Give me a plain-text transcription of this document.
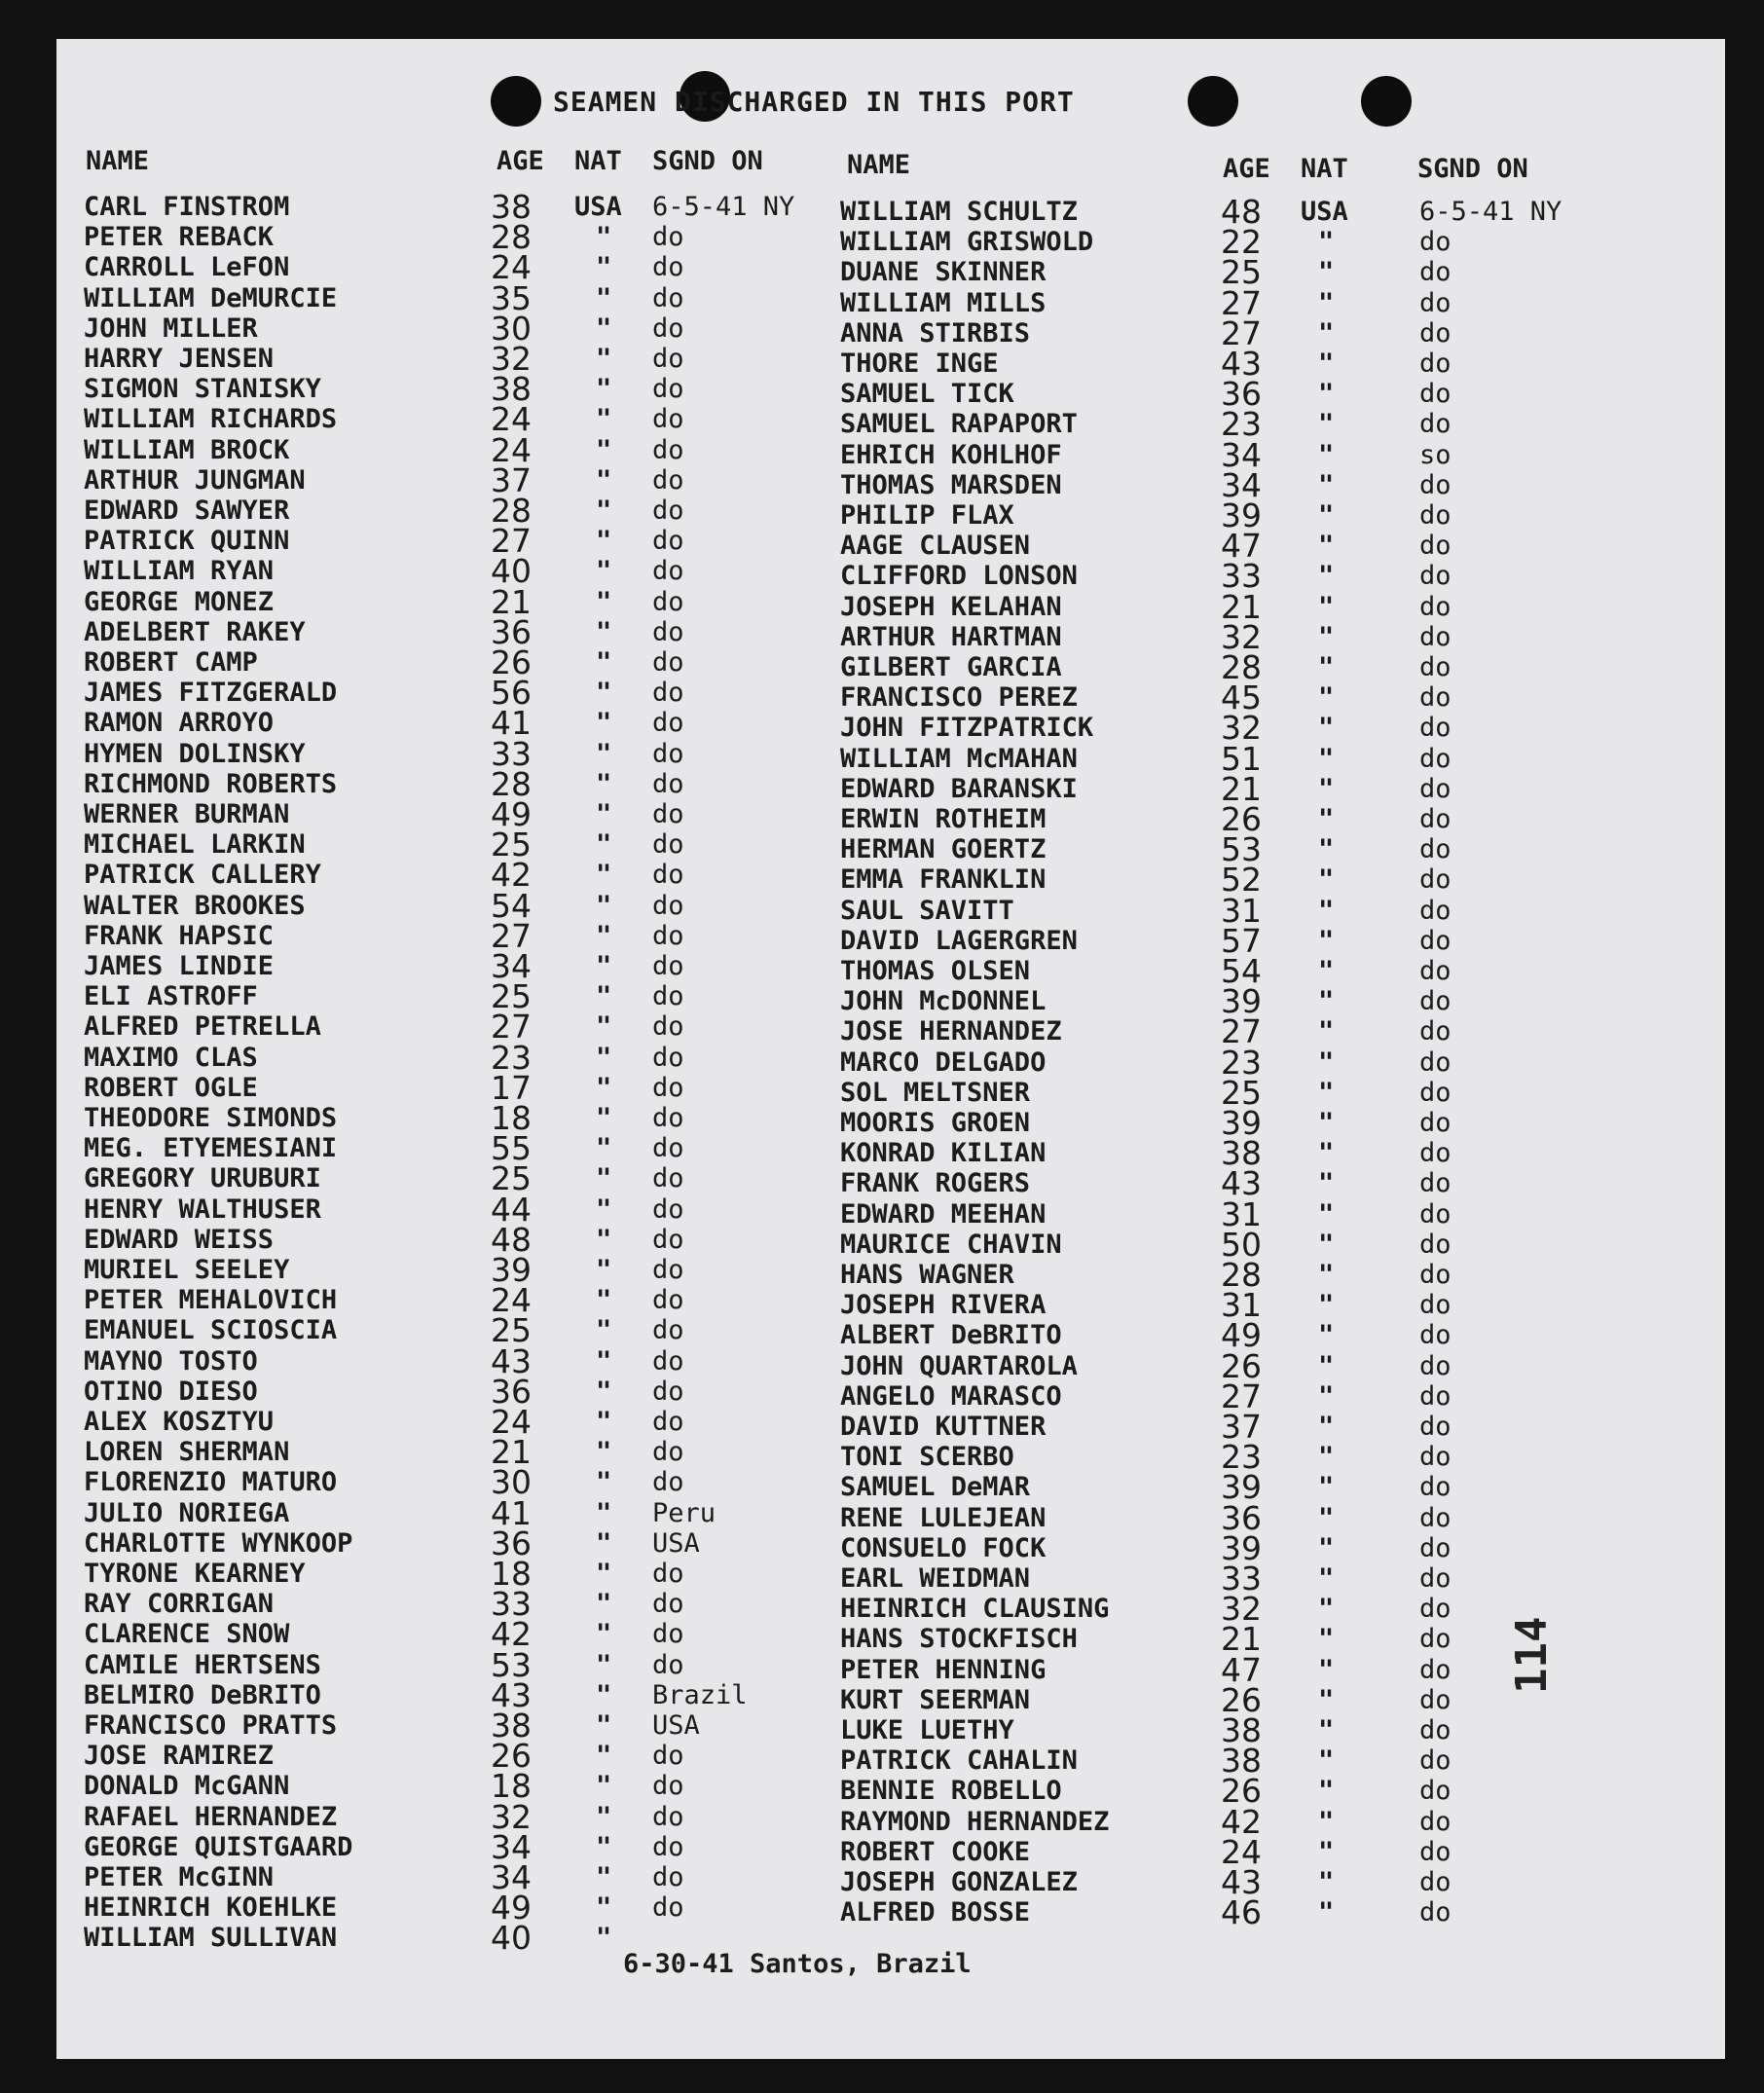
SEAMEN DISCHARGED IN THIS PORT
NAME	AGE NAT SGND ON	NAME	AGE NAT	SGND ON
CARL FINSTROM	38 USA 6-5-41 NY
PETER REBACK	28 " do
CARROLL LeFON	24 " do
WILLIAM DeMURCIE	35 " do
JOHN MILLER	30 " do
HARRY JENSEN	32 " do
SIGMON STANISKY	38 " do
WILLIAM RICHARDS	24 " do
WILLIAM BROCK	24 " do
ARTHUR JUNGMAN	37 " do
EDWARD SAWYER	28 " do
PATRICK QUINN	27 " do
WILLIAM RYAN	40 " do
GEORGE MONEZ	21 " do
ADELBERT RAKEY	36 " do
ROBERT CAMP	26 " do
JAMES FITZGERALD	56 " do
RAMON ARROYO	41 " do
HYMEN DOLINSKY	33 " do
RICHMOND ROBERTS	28 " do
WERNER BURMAN	49 " do
MICHAEL LARKIN	25 " do
PATRICK CALLERY	42 " do
WALTER BROOKES	54 " do
FRANK HAPSIC	27 " do
JAMES LINDIE	34 " do
ELI ASTROFF	25 " do
ALFRED PETRELLA	27 " do
MAXIMO CLAS	23 " do
ROBERT OGLE	17 " do
THEODORE SIMONDS	18 " do
MEG. ETYEMESIANI	55 " do
GREGORY URUBURI	25 " do
HENRY WALTHUSER	44 " do
EDWARD WEISS	48 " do
MURIEL SEELEY	39 " do
PETER MEHALOVICH	24 " do
EMANUEL SCIOSCIA	25 " do
MAYNO TOSTO	43 " do
OTINO DIESO	36 " do
ALEX KOSZTYU	24 " do
LOREN SHERMAN	21 " do
FLORENZIO MATURO	30 " do
JULIO NORIEGA	41 " Peru
CHARLOTTE WYNKOOP	36 " USA
TYRONE KEARNEY	18 " do
RAY CORRIGAN	33 " do
CLARENCE SNOW	42 " do
CAMILE HERTSENS	53 " do
BELMIRO DeBRITO	43 " Brazil
FRANCISCO PRATTS	38 " USA
JOSE RAMIREZ	26 " do
DONALD McGANN	18 " do
RAFAEL HERNANDEZ	32 " do
GEORGE QUISTGAARD	34 " do
PETER McGINN	34 " do
HEINRICH KOEHLKE	49 " do
WILLIAM SULLIVAN	40 "
WILLIAM SCHULTZ	48 USA	6-5-41 NY
WILLIAM GRISWOLD	22 "	do
DUANE SKINNER	25 "	do
WILLIAM MILLS	27 "	do
ANNA STIRBIS	27 "	do
THORE INGE	43 "	do
SAMUEL TICK	36 "	do
SAMUEL RAPAPORT	23 "	do
EHRICH KOHLHOF	34 "	so
THOMAS MARSDEN	34 "	do
PHILIP FLAX	39 "	do
AAGE CLAUSEN	47 "	do
CLIFFORD LONSON	33 "	do
JOSEPH KELAHAN	21 "	do
ARTHUR HARTMAN	32 "	do
GILBERT GARCIA	28 "	do
FRANCISCO PEREZ	45 "	do
JOHN FITZPATRICK	32 "	do
WILLIAM McMAHAN	51 "	do
EDWARD BARANSKI	21 "	do
ERWIN ROTHEIM	26 "	do
HERMAN GOERTZ	53 "	do
EMMA FRANKLIN	52 "	do
SAUL SAVITT	31 "	do
DAVID LAGERGREN	57 "	do
THOMAS OLSEN	54 "	do
JOHN McDONNEL	39 "	do
JOSE HERNANDEZ	27 "	do
MARCO DELGADO	23 "	do
SOL MELTSNER	25 "	do
MOORIS GROEN	39 "	do
KONRAD KILIAN	38 "	do
FRANK ROGERS	43 "	do
EDWARD MEEHAN	31 "	do
MAURICE CHAVIN	50 "	do
HANS WAGNER	28 "	do
JOSEPH RIVERA	31 "	do
ALBERT DeBRITO	49 "	do
JOHN QUARTAROLA	26 "	do
ANGELO MARASCO	27 "	do
DAVID KUTTNER	37 "	do
TONI SCERBO	23 "	do
SAMUEL DeMAR	39 "	do
RENE LULEJEAN	36 "	do
CONSUELO FOCK	39 "	do
EARL WEIDMAN	33 "	do
HEINRICH CLAUSING	32 "	do
HANS STOCKFISCH	21 "	do
PETER HENNING	47 "	do
KURT SEERMAN	26 "	do
LUKE LUETHY	38 "	do
PATRICK CAHALIN	38 "	do
BENNIE ROBELLO	26 "	do
RAYMOND HERNANDEZ	42 "	do
ROBERT COOKE	24 "	do
JOSEPH GONZALEZ	43 "	do
ALFRED BOSSE	46 "	do
6-30-41 Santos, Brazil
114
